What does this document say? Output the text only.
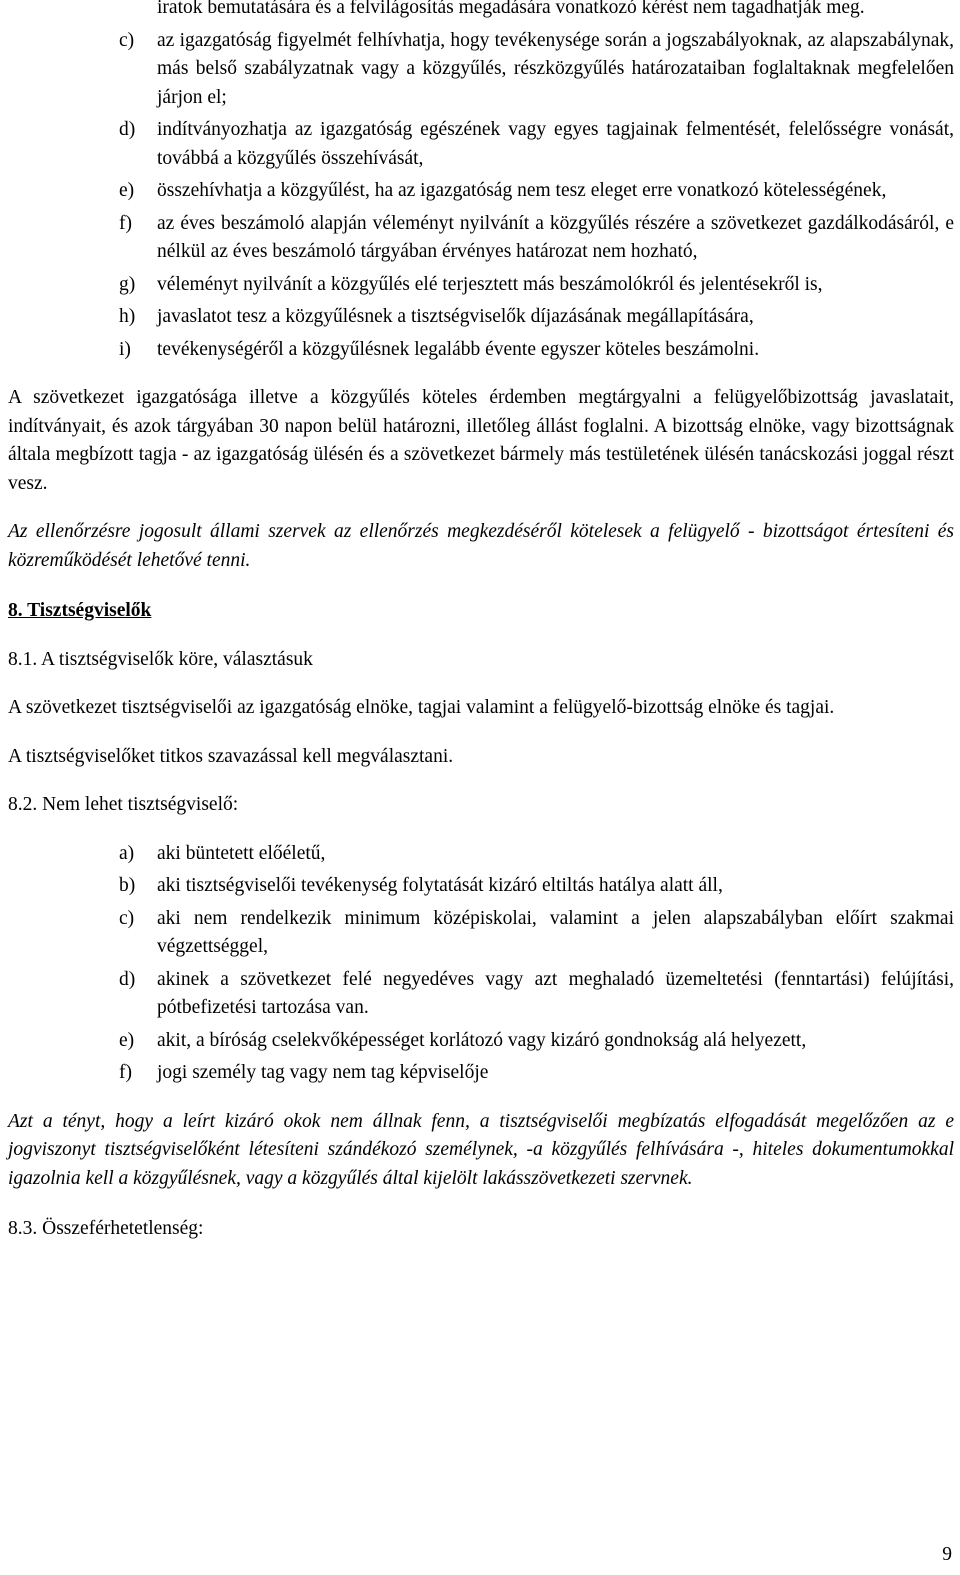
iratok bemutatására és a felvilágosítás megadására vonatkozó kérést nem tagadhatják meg.
c)	az igazgatóság figyelmét felhívhatja, hogy tevékenysége során a jogszabályoknak, az alapszabálynak, más belső szabályzatnak vagy a közgyűlés, részközgyűlés határozataiban foglaltaknak megfelelően járjon el;
d)	indítványozhatja az igazgatóság egészének vagy egyes tagjainak felmentését, felelősségre vonását, továbbá a közgyűlés összehívását,
e)	összehívhatja a közgyűlést, ha az igazgatóság nem tesz eleget erre vonatkozó kötelességének,
f)	az éves beszámoló alapján véleményt nyilvánít a közgyűlés részére a szövetkezet gazdálkodásáról, e nélkül az éves beszámoló tárgyában érvényes határozat nem hozható,
g)	véleményt nyilvánít a közgyűlés elé terjesztett más beszámolókról és jelentésekről is,
h)	javaslatot tesz a közgyűlésnek a tisztségviselők díjazásának megállapítására,
i)	tevékenységéről a közgyűlésnek legalább évente egyszer köteles beszámolni.

A szövetkezet igazgatósága illetve a közgyűlés köteles érdemben megtárgyalni a felügyelőbizottság javaslatait, indítványait, és azok tárgyában 30 napon belül határozni, illetőleg állást foglalni. A bizottság elnöke, vagy bizottságnak általa megbízott tagja - az igazgatóság ülésén és a szövetkezet bármely más testületének ülésén tanácskozási joggal részt vesz.

Az ellenőrzésre jogosult állami szervek az ellenőrzés megkezdéséről kötelesek a felügyelő - bizottságot értesíteni és közreműködését lehetővé tenni.

8. Tisztségviselők

8.1. A tisztségviselők köre, választásuk

A szövetkezet tisztségviselői az igazgatóság elnöke, tagjai valamint a felügyelő-bizottság elnöke és tagjai.

A tisztségviselőket titkos szavazással kell megválasztani.

8.2. Nem lehet tisztségviselő:

a)	aki büntetett előéletű,
b)	aki tisztségviselői tevékenység folytatását kizáró eltiltás hatálya alatt áll,
c)	aki nem rendelkezik minimum középiskolai, valamint a jelen alapszabályban előírt szakmai végzettséggel,
d)	akinek a szövetkezet felé negyedéves vagy azt meghaladó üzemeltetési (fenntartási) felújítási, pótbefizetési tartozása van.
e)	akit, a bíróság cselekvőképességet korlátozó vagy kizáró gondnokság alá helyezett,
f)	jogi személy tag vagy nem tag képviselője

Azt a tényt, hogy a leírt kizáró okok nem állnak fenn, a tisztségviselői megbízatás elfogadását megelőzően az e jogviszonyt tisztségviselőként létesíteni szándékozó személynek, -a közgyűlés felhívására -, hiteles dokumentumokkal igazolnia kell a közgyűlésnek, vagy a közgyűlés által kijelölt lakásszövetkezeti szervnek.

8.3. Összeférhetetlenség:

9
